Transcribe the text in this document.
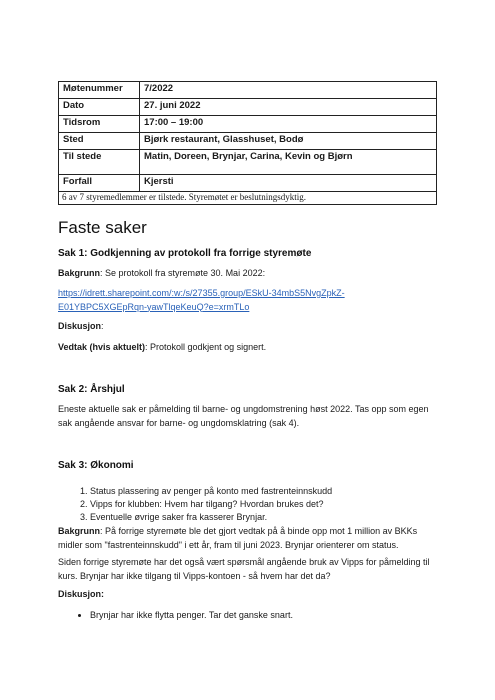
Møtenummer	7/2022
Dato	27. juni 2022
Tidsrom	17:00 – 19:00
Sted	Bjørk restaurant, Glasshuset, Bodø
Til stede	Matin, Doreen, Brynjar, Carina, Kevin og Bjørn
Forfall	Kjersti
6 av 7 styremedlemmer er tilstede. Styremøtet er beslutningsdyktig.	
Faste saker
Sak 1: Godkjenning av protokoll fra forrige styremøte
Bakgrunn: Se protokoll fra styremøte 30. Mai 2022:
https://idrett.sharepoint.com/:w:/s/27355.group/ESkU-34mbS5NvgZpkZ-
E01YBPC5XGEpRqn-yawTlqeKeuQ?e=xrmTLo
Diskusjon:
Vedtak (hvis aktuelt): Protokoll godkjent og signert.
Sak 2: Årshjul
Eneste aktuelle sak er påmelding til barne- og ungdomstrening høst 2022. Tas opp som egen sak angående ansvar for barne- og ungdomsklatring (sak 4).
Sak 3: Økonomi
1. Status plassering av penger på konto med fastrenteinnskudd
2. Vipps for klubben: Hvem har tilgang? Hvordan brukes det?
3. Eventuelle øvrige saker fra kasserer Brynjar.
Bakgrunn: På forrige styremøte ble det gjort vedtak på å binde opp mot 1 million av BKKs midler som "fastrenteinnskudd" i ett år, fram til juni 2023. Brynjar orienterer om status.
Siden forrige styremøte har det også vært spørsmål angående bruk av Vipps for påmelding til kurs. Brynjar har ikke tilgang til Vipps-kontoen - så hvem har det da?
Diskusjon:
• Brynjar har ikke flytta penger. Tar det ganske snart.
